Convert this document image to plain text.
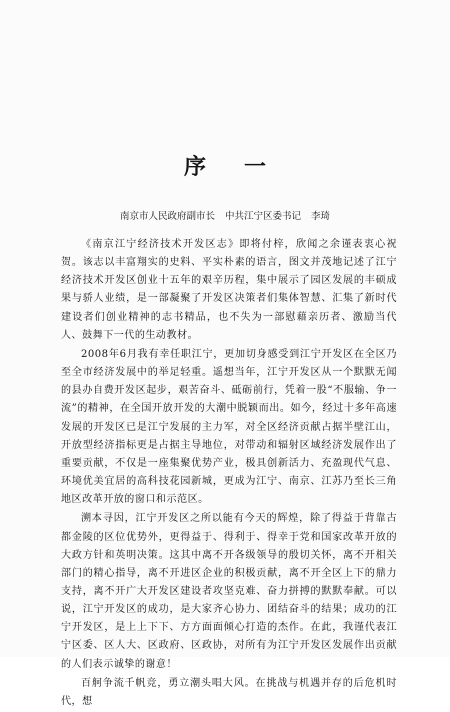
序一
南京市人民政府副市长 中共江宁区委书记 李琦

《南京江宁经济技术开发区志》即将付梓，欣闻之余谨表衷心祝贺。该志以丰富翔实的史料、平实朴素的语言，图文并茂地记述了江宁经济技术开发区创业十五年的艰辛历程，集中展示了园区发展的丰硕成果与骄人业绩，是一部凝聚了开发区决策者们集体智慧、汇集了新时代建设者们创业精神的志书精品，也不失为一部慰藉亲历者、激励当代人、鼓舞下一代的生动教材。

2008年6月我有幸任职江宁，更加切身感受到江宁开发区在全区乃至全市经济发展中的举足轻重。遥想当年，江宁开发区从一个默默无闻的县办自费开发区起步，艰苦奋斗、砥砺前行，凭着一股“不服输、争一流”的精神，在全国开放开发的大潮中脱颖而出。如今，经过十多年高速发展的开发区已是江宁发展的主力军，对全区经济贡献占据半壁江山，开放型经济指标更是占据主导地位，对带动和辐射区域经济发展作出了重要贡献，不仅是一座集聚优势产业，极具创新活力、充盈现代气息、环境优美宜居的高科技花园新城，更成为江宁、南京、江苏乃至长三角地区改革开放的窗口和示范区。

溯本寻因，江宁开发区之所以能有今天的辉煌，除了得益于背靠古都金陵的区位优势外，更得益于、得利于、得幸于党和国家改革开放的大政方针和英明决策。这其中离不开各级领导的殷切关怀，离不开相关部门的精心指导，离不开进区企业的积极贡献，离不开全区上下的鼎力支持，离不开广大开发区建设者攻坚克难、奋力拼搏的默默奉献。可以说，江宁开发区的成功，是大家齐心协力、团结奋斗的结果；成功的江宁开发区，是上上下下、方方面面倾心打造的杰作。在此，我谨代表江宁区委、区人大、区政府、区政协，对所有为江宁开发区发展作出贡献的人们表示诚挚的谢意！

百舸争流千帆竞，勇立潮头唱大风。在挑战与机遇并存的后危机时代，想
